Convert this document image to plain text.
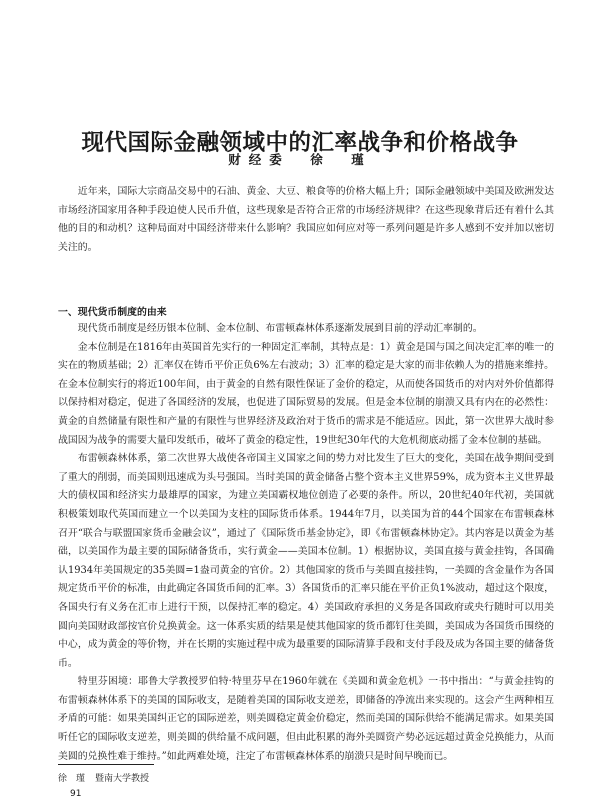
现代国际金融领域中的汇率战争和价格战争
财经委　徐　瑾

近年来，国际大宗商品交易中的石油、黄金、大豆、粮食等的价格大幅上升；国际金融领域中美国及欧洲发达市场经济国家用各种手段迫使人民币升值，这些现象是否符合正常的市场经济规律？在这些现象背后还有着什么其他的目的和动机？这种局面对中国经济带来什么影响？我国应如何应对等一系列问题是许多人感到不安并加以密切关注的。

一、现代货币制度的由来

现代货币制度是经历银本位制、金本位制、布雷顿森林体系逐渐发展到目前的浮动汇率制的。

金本位制是在1816年由英国首先实行的一种固定汇率制，其特点是：1）黄金是国与国之间决定汇率的唯一的实在的物质基础；2）汇率仅在铸币平价正负6%左右波动；3）汇率的稳定是大家的而非依赖人为的措施来维持。在金本位制实行的将近100年间，由于黄金的自然有限性保证了金价的稳定，从而使各国货币的对内对外价值都得以保持相对稳定，促进了各国经济的发展，也促进了国际贸易的发展。但是金本位制的崩溃又具有内在的必然性：黄金的自然储量有限性和产量的有限性与世界经济及政治对于货币的需求是不能适应。因此，第一次世界大战时参战国因为战争的需要大量印发纸币，破坏了黄金的稳定性，19世纪30年代的大危机彻底动摇了金本位制的基础。

布雷顿森林体系，第二次世界大战使各帝国主义国家之间的势力对比发生了巨大的变化，美国在战争期间受到了重大的削弱，而美国则迅速成为头号强国。当时美国的黄金储备占整个资本主义世界59%，成为资本主义世界最大的债权国和经济实力最雄厚的国家，为建立美国霸权地位创造了必要的条件。所以，20世纪40年代初，美国就积极策划取代英国而建立一个以美国为支柱的国际货币体系。1944年7月，以美国为首的44个国家在布雷顿森林召开“联合与联盟国家货币金融会议”，通过了《国际货币基金协定》，即《布雷顿森林协定》。其内容是以黄金为基础，以美国作为最主要的国际储备货币，实行黄金——美国本位制。1）根据协议，美国直接与黄金挂钩，各国确认1934年美国规定的35美圆=1盎司黄金的官价。2）其他国家的货币与美圆直接挂钩，一美圆的含金量作为各国规定货币平价的标准，由此确定各国货币间的汇率。3）各国货币的汇率只能在平价正负1%波动，超过这个限度，各国央行有义务在汇市上进行干预，以保持汇率的稳定。4）美国政府承担的义务是各国政府或央行随时可以用美圆向美国财政部按官价兑换黄金。这一体系实质的结果是使其他国家的货币都钉住美圆，美国成为各国货币围绕的中心，成为黄金的等价物，并在长期的实施过程中成为最重要的国际清算手段和支付手段及成为各国主要的储备货币。

特里芬困境：耶鲁大学教授罗伯特·特里芬早在1960年就在《美圆和黄金危机》一书中指出：“与黄金挂钩的布雷顿森林体系下的美国的国际收支，是随着美国的国际收支逆差，即储备的净流出来实现的。这会产生两种相互矛盾的可能：如果美国纠正它的国际逆差，则美圆稳定黄金价稳定，然而美国的国际供给不能满足需求。如果美国听任它的国际收支逆差，则美圆的供给量不成问题，但由此积累的海外美圆资产势必远远超过黄金兑换能力，从而美圆的兑换性难于维持。”如此两难处境，注定了布雷顿森林体系的崩溃只是时间早晚而已。

徐　瑾 暨南大学教授
91
